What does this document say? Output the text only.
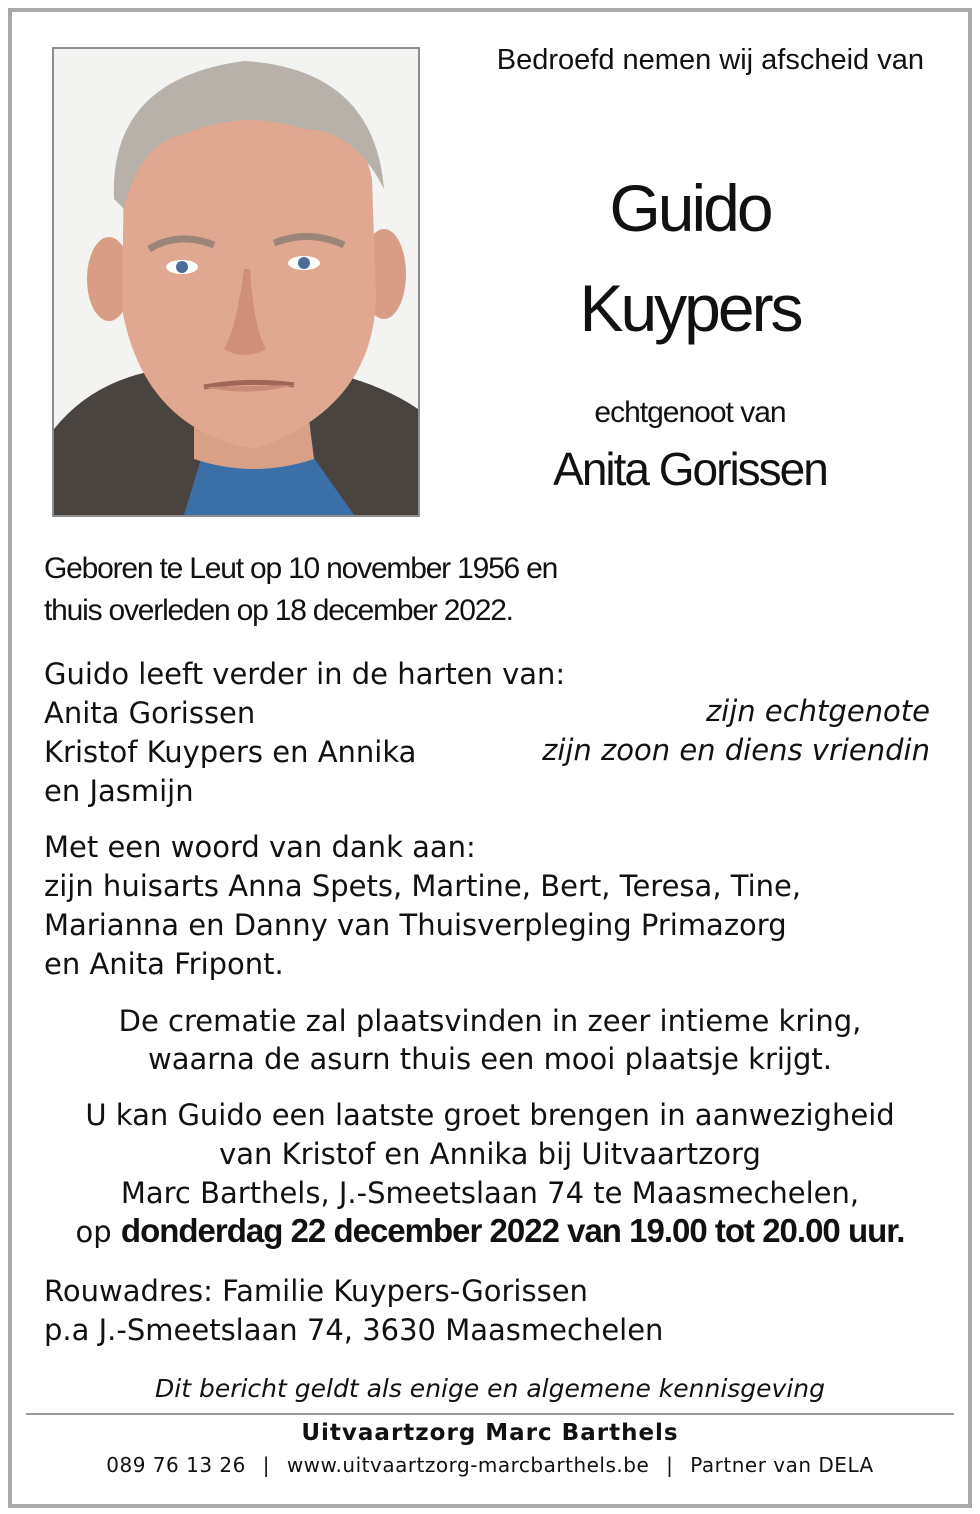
Bedroefd nemen wij afscheid van
Guido
Kuypers
echtgenoot van
Anita Gorissen
Geboren te Leut op 10 november 1956 en
thuis overleden op 18 december 2022.
Guido leeft verder in de harten van:
Anita Gorissen	zijn echtgenote
Kristof Kuypers en Annika	zijn zoon en diens vriendin
en Jasmijn
Met een woord van dank aan:
zijn huisarts Anna Spets, Martine, Bert, Teresa, Tine,
Marianna en Danny van Thuisverpleging Primazorg
en Anita Fripont.
De crematie zal plaatsvinden in zeer intieme kring,
waarna de asurn thuis een mooi plaatsje krijgt.
U kan Guido een laatste groet brengen in aanwezigheid
van Kristof en Annika bij Uitvaartzorg
Marc Barthels, J.-Smeetslaan 74 te Maasmechelen,
op donderdag 22 december 2022 van 19.00 tot 20.00 uur.
Rouwadres: Familie Kuypers-Gorissen
p.a J.-Smeetslaan 74, 3630 Maasmechelen
Dit bericht geldt als enige en algemene kennisgeving
Uitvaartzorg Marc Barthels
089 76 13 26 | www.uitvaartzorg-marcbarthels.be | Partner van DELA
